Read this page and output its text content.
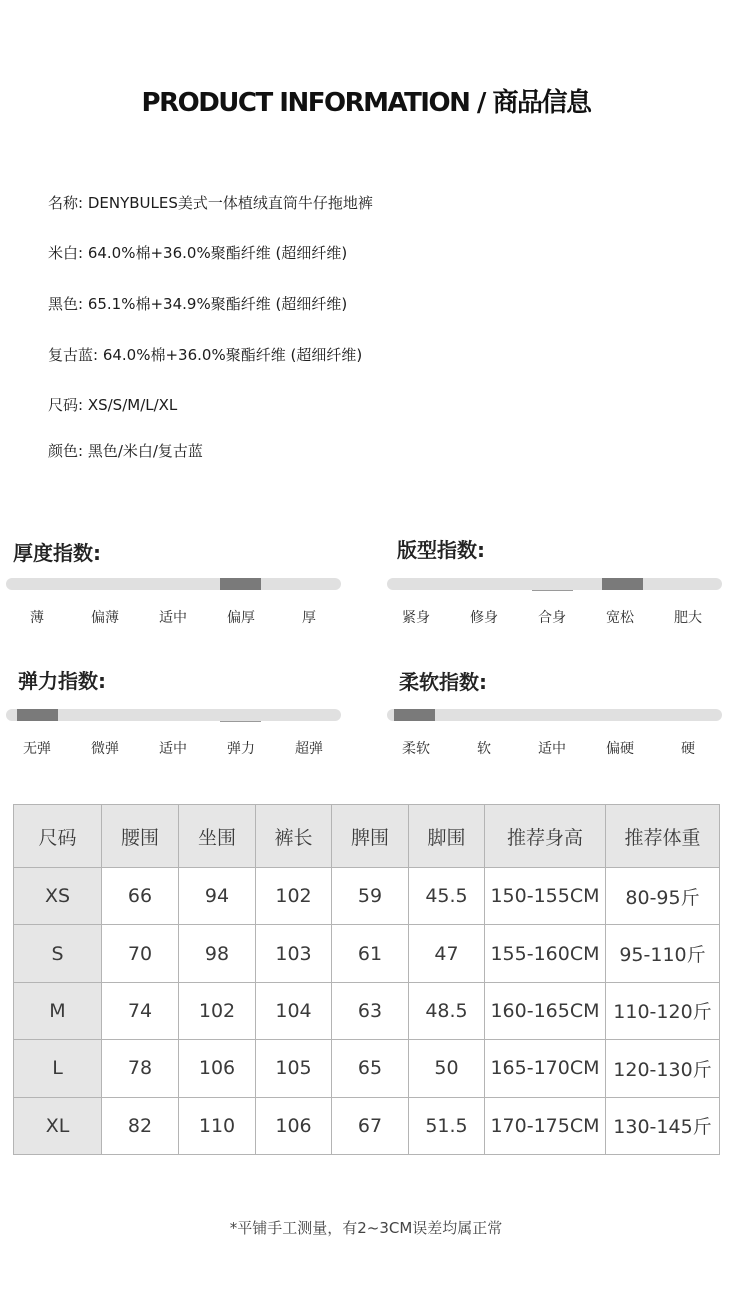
PRODUCT INFORMATION / 商品信息
名称: DENYBULES美式一体植绒直筒牛仔拖地裤
米白: 64.0%棉+36.0%聚酯纤维 (超细纤维)
黑色: 65.1%棉+34.9%聚酯纤维 (超细纤维)
复古蓝: 64.0%棉+36.0%聚酯纤维 (超细纤维)
尺码: XS/S/M/L/XL
颜色: 黑色/米白/复古蓝
厚度指数:
薄	偏薄	适中	偏厚	厚
版型指数:
紧身	修身	合身	宽松	肥大
弹力指数:
无弹	微弹	适中	弹力	超弹
柔软指数:
柔软	软	适中	偏硬	硬
尺码	腰围	坐围	裤长	脾围	脚围	推荐身高	推荐体重
XS	66	94	102	59	45.5	150-155CM	80-95斤
S	70	98	103	61	47	155-160CM	95-110斤
M	74	102	104	63	48.5	160-165CM	110-120斤
L	78	106	105	65	50	165-170CM	120-130斤
XL	82	110	106	67	51.5	170-175CM	130-145斤
*平铺手工测量，有2~3CM误差均属正常
